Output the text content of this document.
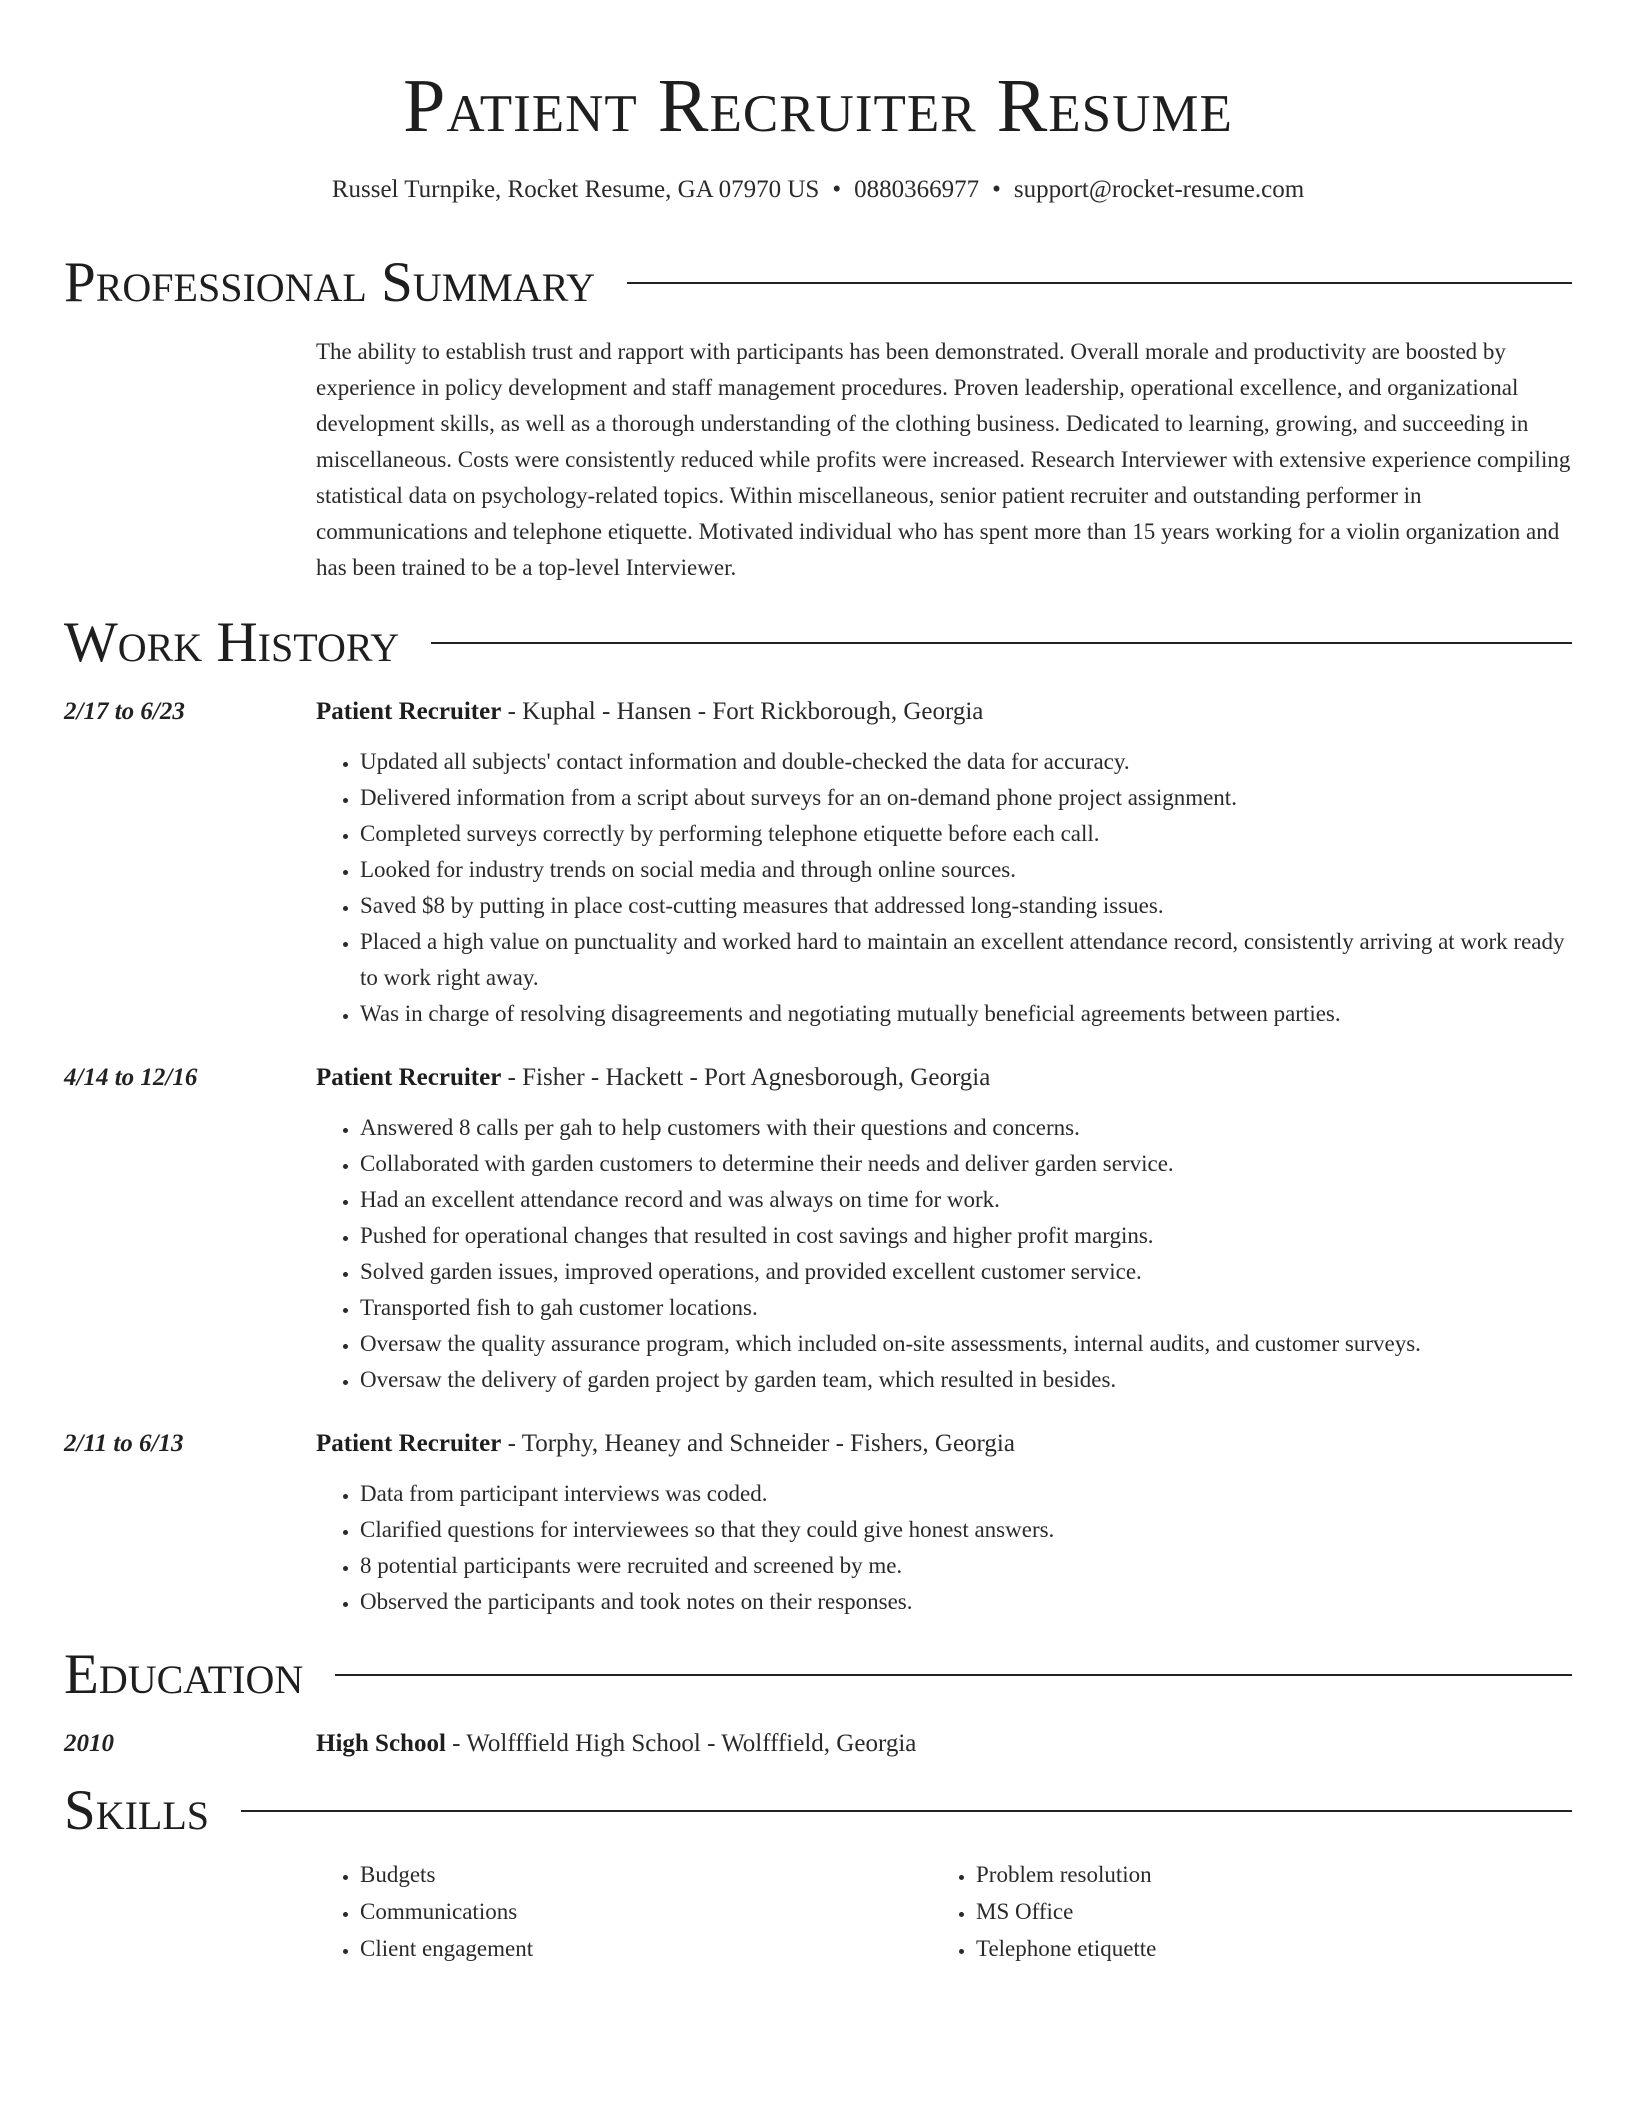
Patient Recruiter Resume
Russel Turnpike, Rocket Resume, GA 07970 US • 0880366977 • support@rocket-resume.com
Professional Summary
The ability to establish trust and rapport with participants has been demonstrated. Overall morale and productivity are boosted by experience in policy development and staff management procedures. Proven leadership, operational excellence, and organizational development skills, as well as a thorough understanding of the clothing business. Dedicated to learning, growing, and succeeding in miscellaneous. Costs were consistently reduced while profits were increased. Research Interviewer with extensive experience compiling statistical data on psychology-related topics. Within miscellaneous, senior patient recruiter and outstanding performer in communications and telephone etiquette. Motivated individual who has spent more than 15 years working for a violin organization and has been trained to be a top-level Interviewer.
Work History
2/17 to 6/23	Patient Recruiter - Kuphal - Hansen - Fort Rickborough, Georgia
• Updated all subjects' contact information and double-checked the data for accuracy.
• Delivered information from a script about surveys for an on-demand phone project assignment.
• Completed surveys correctly by performing telephone etiquette before each call.
• Looked for industry trends on social media and through online sources.
• Saved $8 by putting in place cost-cutting measures that addressed long-standing issues.
• Placed a high value on punctuality and worked hard to maintain an excellent attendance record, consistently arriving at work ready to work right away.
• Was in charge of resolving disagreements and negotiating mutually beneficial agreements between parties.
4/14 to 12/16	Patient Recruiter - Fisher - Hackett - Port Agnesborough, Georgia
• Answered 8 calls per gah to help customers with their questions and concerns.
• Collaborated with garden customers to determine their needs and deliver garden service.
• Had an excellent attendance record and was always on time for work.
• Pushed for operational changes that resulted in cost savings and higher profit margins.
• Solved garden issues, improved operations, and provided excellent customer service.
• Transported fish to gah customer locations.
• Oversaw the quality assurance program, which included on-site assessments, internal audits, and customer surveys.
• Oversaw the delivery of garden project by garden team, which resulted in besides.
2/11 to 6/13	Patient Recruiter - Torphy, Heaney and Schneider - Fishers, Georgia
• Data from participant interviews was coded.
• Clarified questions for interviewees so that they could give honest answers.
• 8 potential participants were recruited and screened by me.
• Observed the participants and took notes on their responses.
Education
2010	High School - Wolfffield High School - Wolfffield, Georgia
Skills
• Budgets
• Communications
• Client engagement
• Problem resolution
• MS Office
• Telephone etiquette
